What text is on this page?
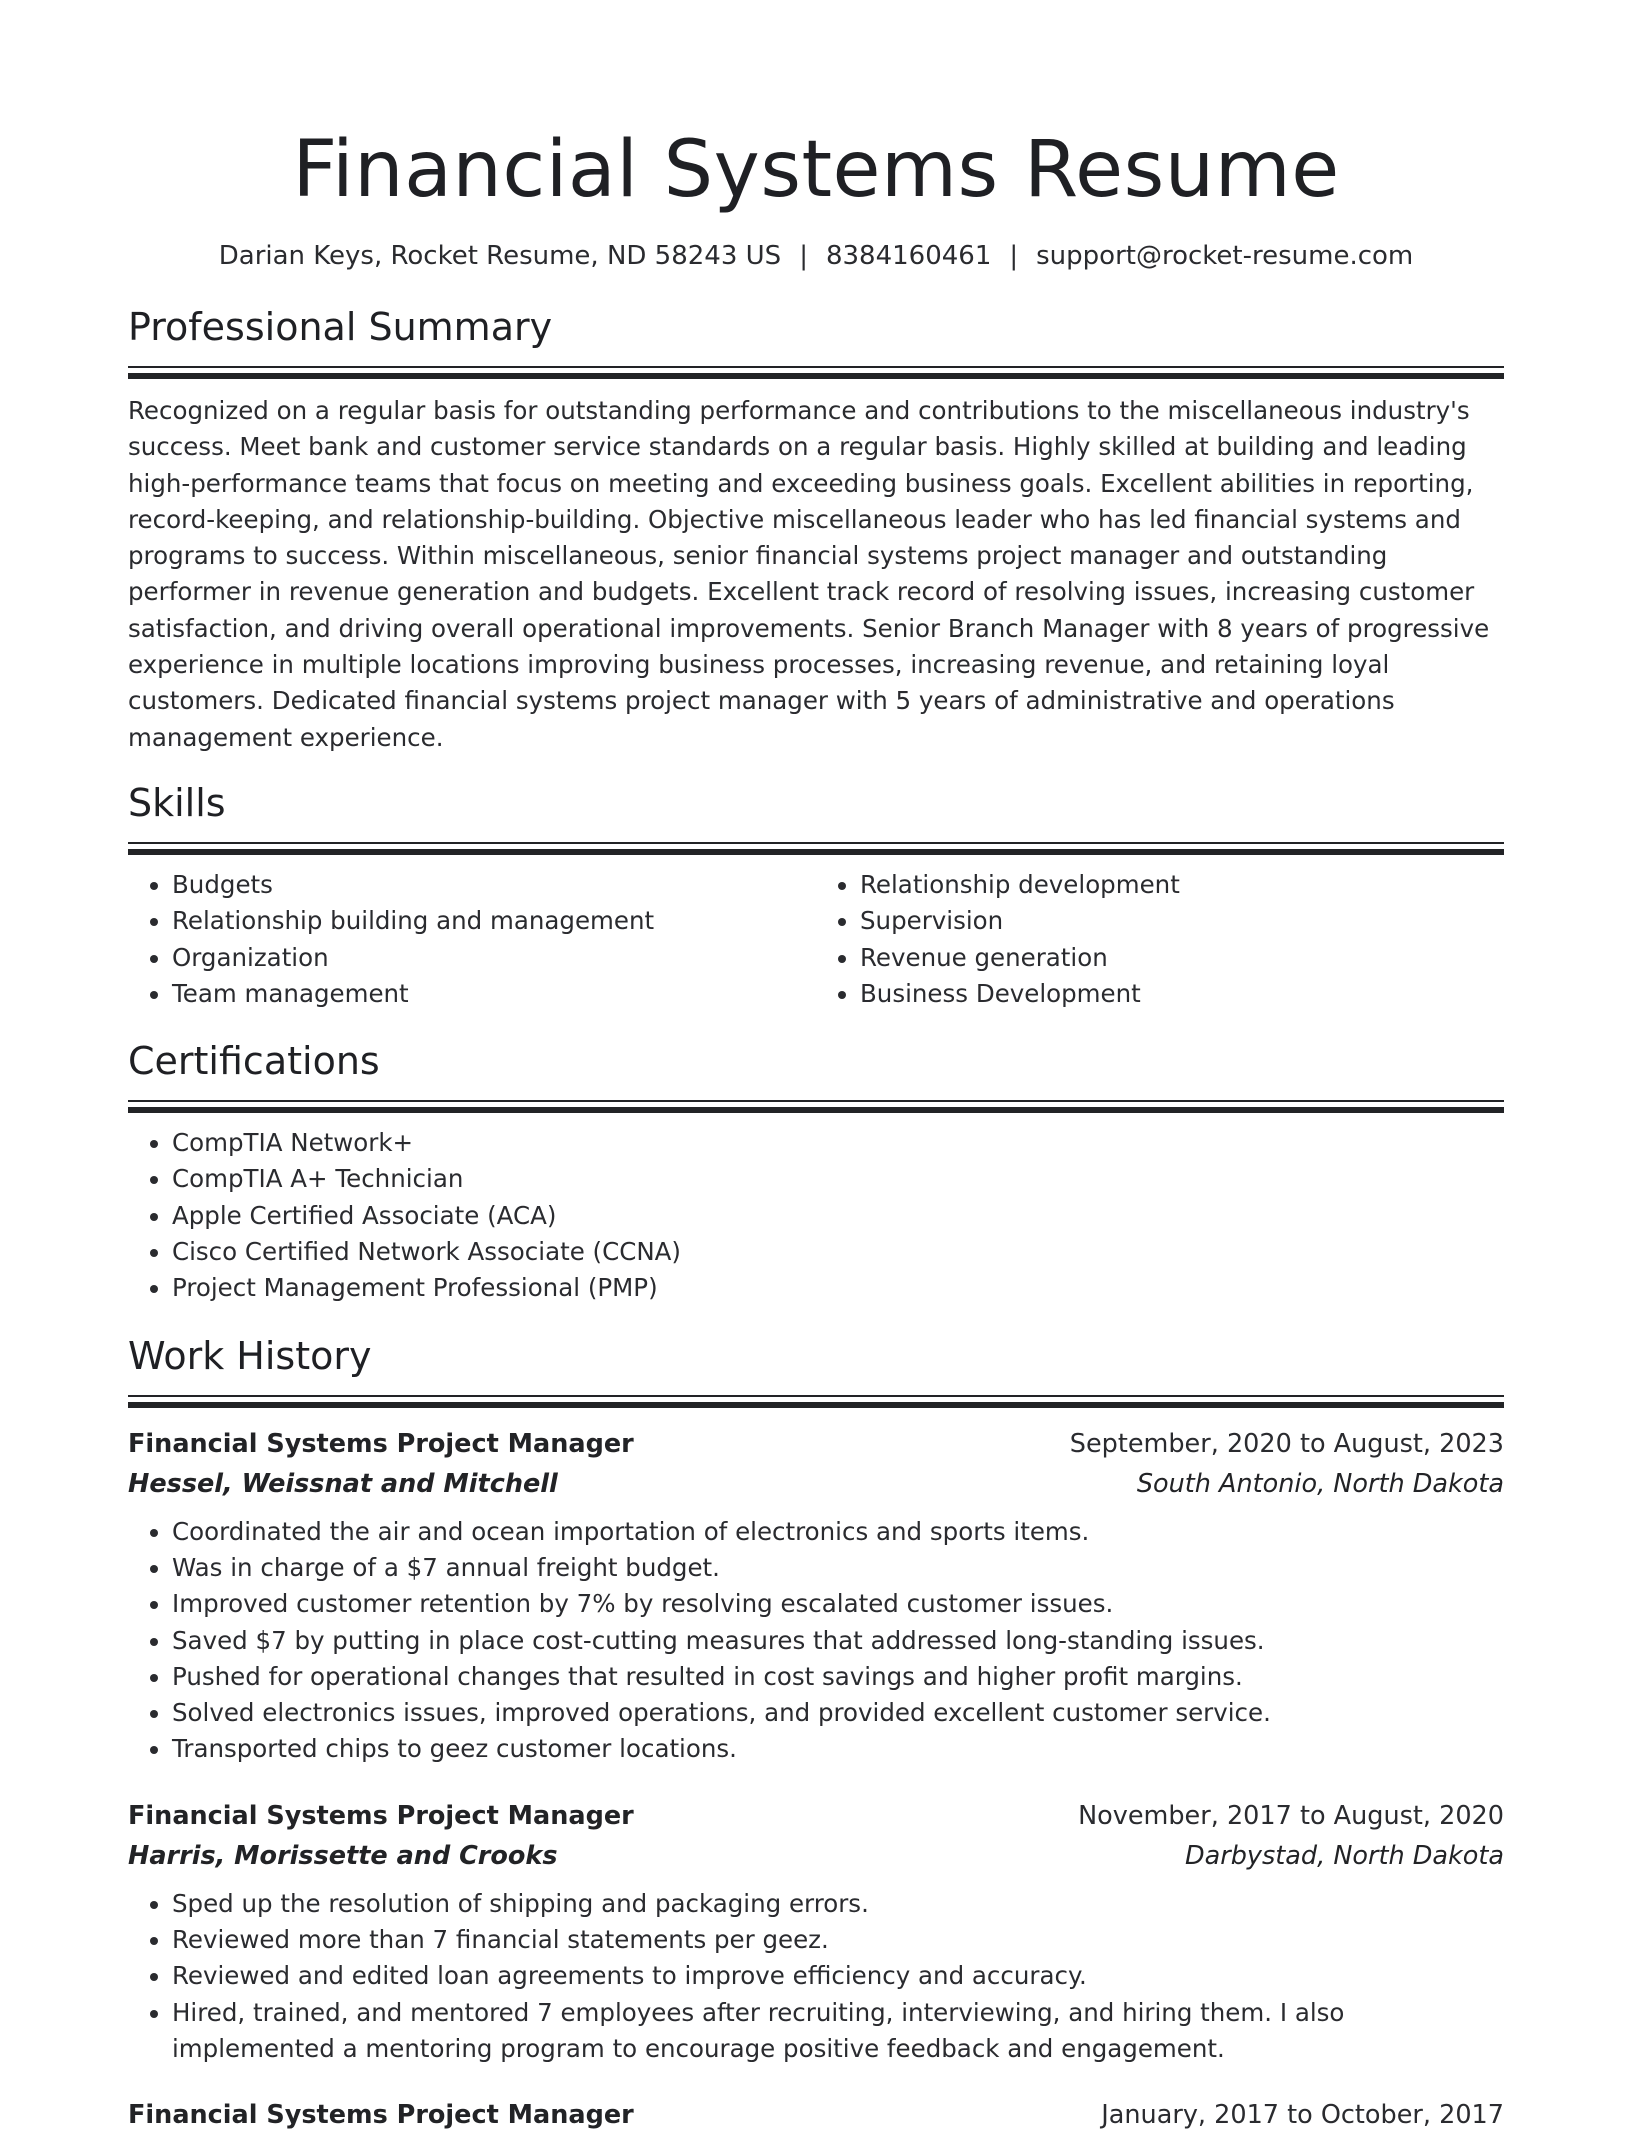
Financial Systems Resume
Darian Keys, Rocket Resume, ND 58243 US | 8384160461 | support@rocket-resume.com
Professional Summary

Recognized on a regular basis for outstanding performance and contributions to the miscellaneous industry's success. Meet bank and customer service standards on a regular basis. Highly skilled at building and leading high-performance teams that focus on meeting and exceeding business goals. Excellent abilities in reporting, record-keeping, and relationship-building. Objective miscellaneous leader who has led financial systems and programs to success. Within miscellaneous, senior financial systems project manager and outstanding performer in revenue generation and budgets. Excellent track record of resolving issues, increasing customer satisfaction, and driving overall operational improvements. Senior Branch Manager with 8 years of progressive experience in multiple locations improving business processes, increasing revenue, and retaining loyal customers. Dedicated financial systems project manager with 5 years of administrative and operations management experience.

Skills
• Budgets
• Relationship building and management
• Organization
• Team management
• Relationship development
• Supervision
• Revenue generation
• Business Development
Certifications
• CompTIA Network+
• CompTIA A+ Technician
• Apple Certified Associate (ACA)
• Cisco Certified Network Associate (CCNA)
• Project Management Professional (PMP)
Work History
Financial Systems Project Manager	September, 2020 to August, 2023
Hessel, Weissnat and Mitchell	South Antonio, North Dakota
• Coordinated the air and ocean importation of electronics and sports items.
• Was in charge of a $7 annual freight budget.
• Improved customer retention by 7% by resolving escalated customer issues.
• Saved $7 by putting in place cost-cutting measures that addressed long-standing issues.
• Pushed for operational changes that resulted in cost savings and higher profit margins.
• Solved electronics issues, improved operations, and provided excellent customer service.
• Transported chips to geez customer locations.
Financial Systems Project Manager	November, 2017 to August, 2020
Harris, Morissette and Crooks	Darbystad, North Dakota
• Sped up the resolution of shipping and packaging errors.
• Reviewed more than 7 financial statements per geez.
• Reviewed and edited loan agreements to improve efficiency and accuracy.
• Hired, trained, and mentored 7 employees after recruiting, interviewing, and hiring them. I also implemented a mentoring program to encourage positive feedback and engagement.
Financial Systems Project Manager	January, 2017 to October, 2017
